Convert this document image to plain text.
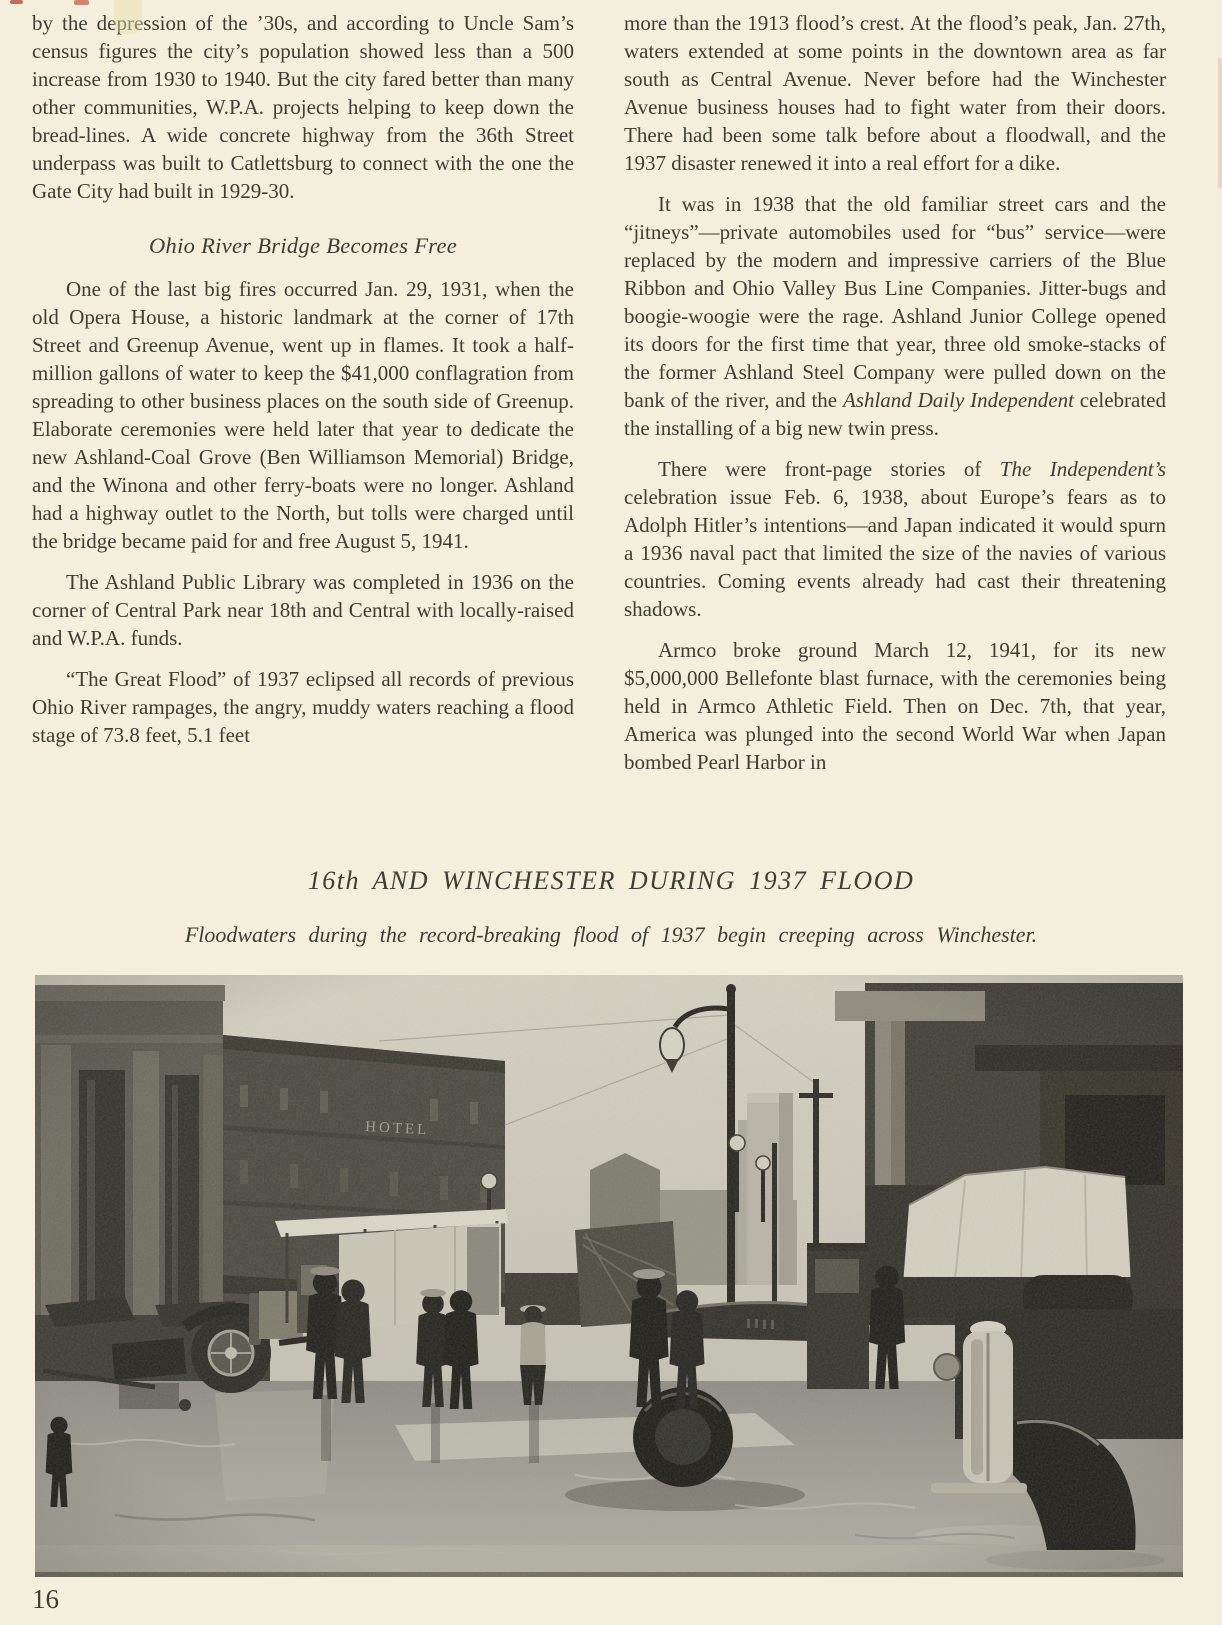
by the depression of the ’30s, and according to Uncle Sam’s census figures the city’s population showed less than a 500 increase from 1930 to 1940. But the city fared better than many other communities, W.P.A. projects helping to keep down the bread-lines. A wide concrete highway from the 36th Street underpass was built to Catlettsburg to connect with the one the Gate City had built in 1929-30.

Ohio River Bridge Becomes Free

One of the last big fires occurred Jan. 29, 1931, when the old Opera House, a historic landmark at the corner of 17th Street and Greenup Avenue, went up in flames. It took a half-million gallons of water to keep the $41,000 conflagration from spreading to other business places on the south side of Greenup. Elaborate ceremonies were held later that year to dedicate the new Ashland-Coal Grove (Ben Williamson Memorial) Bridge, and the Winona and other ferry-boats were no longer. Ashland had a highway outlet to the North, but tolls were charged until the bridge became paid for and free August 5, 1941.

The Ashland Public Library was completed in 1936 on the corner of Central Park near 18th and Central with locally-raised and W.P.A. funds.

“The Great Flood” of 1937 eclipsed all records of previous Ohio River rampages, the angry, muddy waters reaching a flood stage of 73.8 feet, 5.1 feet

more than the 1913 flood’s crest. At the flood’s peak, Jan. 27th, waters extended at some points in the downtown area as far south as Central Avenue. Never before had the Winchester Avenue business houses had to fight water from their doors. There had been some talk before about a floodwall, and the 1937 disaster renewed it into a real effort for a dike.

It was in 1938 that the old familiar street cars and the “jitneys”—private automobiles used for “bus” service—were replaced by the modern and impressive carriers of the Blue Ribbon and Ohio Valley Bus Line Companies. Jitter-bugs and boogie-woogie were the rage. Ashland Junior College opened its doors for the first time that year, three old smoke-stacks of the former Ashland Steel Company were pulled down on the bank of the river, and the Ashland Daily Independent celebrated the installing of a big new twin press.

There were front-page stories of The Independent’s celebration issue Feb. 6, 1938, about Europe’s fears as to Adolph Hitler’s intentions—and Japan indicated it would spurn a 1936 naval pact that limited the size of the navies of various countries. Coming events already had cast their threatening shadows.

Armco broke ground March 12, 1941, for its new $5,000,000 Bellefonte blast furnace, with the ceremonies being held in Armco Athletic Field. Then on Dec. 7th, that year, America was plunged into the second World War when Japan bombed Pearl Harbor in

16th AND WINCHESTER DURING 1937 FLOOD
Floodwaters during the record-breaking flood of 1937 begin creeping across Winchester.
16
